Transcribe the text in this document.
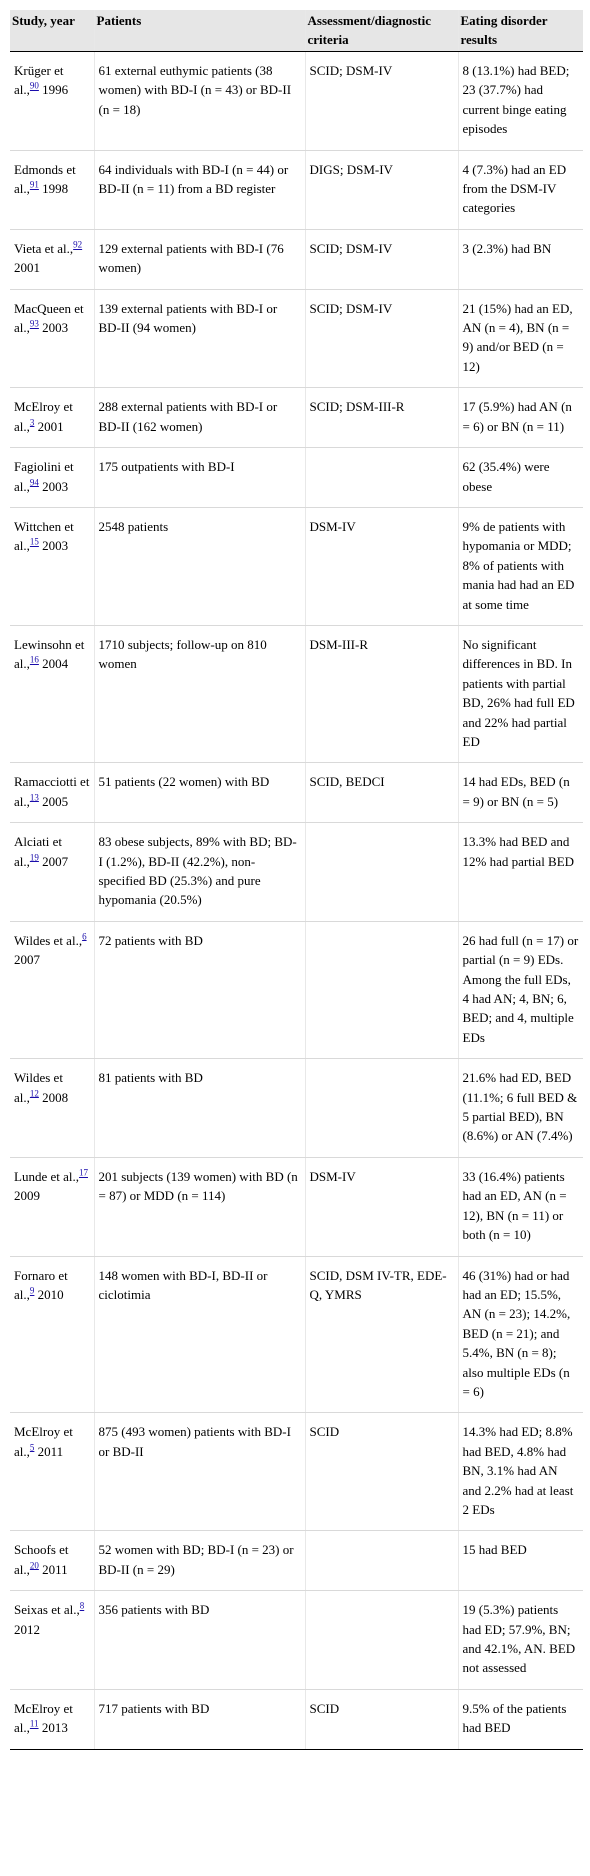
Study, year	Patients	Assessment/diagnostic criteria	Eating disorder results
Krüger et al.,$^{90}$ 1996	61 external euthymic patients (38 women) with BD-I (n = 43) or BD-II (n = 18)	SCID; DSM-IV	8 (13.1%) had BED; 23 (37.7%) had current binge eating episodes
Edmonds et al.,$^{91}$ 1998	64 individuals with BD-I (n = 44) or BD-II (n = 11) from a BD register	DIGS; DSM-IV	4 (7.3%) had an ED from the DSM-IV categories
Vieta et al.,$^{92}$ 2001	129 external patients with BD-I (76 women)	SCID; DSM-IV	3 (2.3%) had BN
MacQueen et al.,$^{93}$ 2003	139 external patients with BD-I or BD-II (94 women)	SCID; DSM-IV	21 (15%) had an ED, AN (n = 4), BN (n = 9) and/or BED (n = 12)
McElroy et al.,$^3$ 2001	288 external patients with BD-I or BD-II (162 women)	SCID; DSM-III-R	17 (5.9%) had AN (n = 6) or BN (n = 11)
Fagiolini et al.,$^{94}$ 2003	175 outpatients with BD-I		62 (35.4%) were obese
Wittchen et al.,$^{15}$ 2003	2548 patients	DSM-IV	9% de patients with hypomania or MDD; 8% of patients with mania had had an ED at some time
Lewinsohn et al.,$^{16}$ 2004	1710 subjects; follow-up on 810 women	DSM-III-R	No significant differences in BD. In patients with partial BD, 26% had full ED and 22% had partial ED
Ramacciotti et al.,$^{13}$ 2005	51 patients (22 women) with BD	SCID, BEDCI	14 had EDs, BED (n = 9) or BN (n = 5)
Alciati et al.,$^{19}$ 2007	83 obese subjects, 89% with BD; BD-I (1.2%), BD-II (42.2%), non-specified BD (25.3%) and pure hypomania (20.5%)		13.3% had BED and 12% had partial BED
Wildes et al.,$^6$ 2007	72 patients with BD		26 had full (n = 17) or partial (n = 9) EDs. Among the full EDs, 4 had AN; 4, BN; 6, BED; and 4, multiple EDs
Wildes et al.,$^{12}$ 2008	81 patients with BD		21.6% had ED, BED (11.1%; 6 full BED & 5 partial BED), BN (8.6%) or AN (7.4%)
Lunde et al.,$^{17}$ 2009	201 subjects (139 women) with BD (n = 87) or MDD (n = 114)	DSM-IV	33 (16.4%) patients had an ED, AN (n = 12), BN (n = 11) or both (n = 10)
Fornaro et al.,$^9$ 2010	148 women with BD-I, BD-II or ciclotimia	SCID, DSM IV-TR, EDE-Q, YMRS	46 (31%) had or had had an ED; 15.5%, AN (n = 23); 14.2%, BED (n = 21); and 5.4%, BN (n = 8); also multiple EDs (n = 6)
McElroy et al.,$^5$ 2011	875 (493 women) patients with BD-I or BD-II	SCID	14.3% had ED; 8.8% had BED, 4.8% had BN, 3.1% had AN and 2.2% had at least 2 EDs
Schoofs et al.,$^{20}$ 2011	52 women with BD; BD-I (n = 23) or BD-II (n = 29)		15 had BED
Seixas et al.,$^8$ 2012	356 patients with BD		19 (5.3%) patients had ED; 57.9%, BN; and 42.1%, AN. BED not assessed
McElroy et al.,$^{11}$ 2013	717 patients with BD	SCID	9.5% of the patients had BED
